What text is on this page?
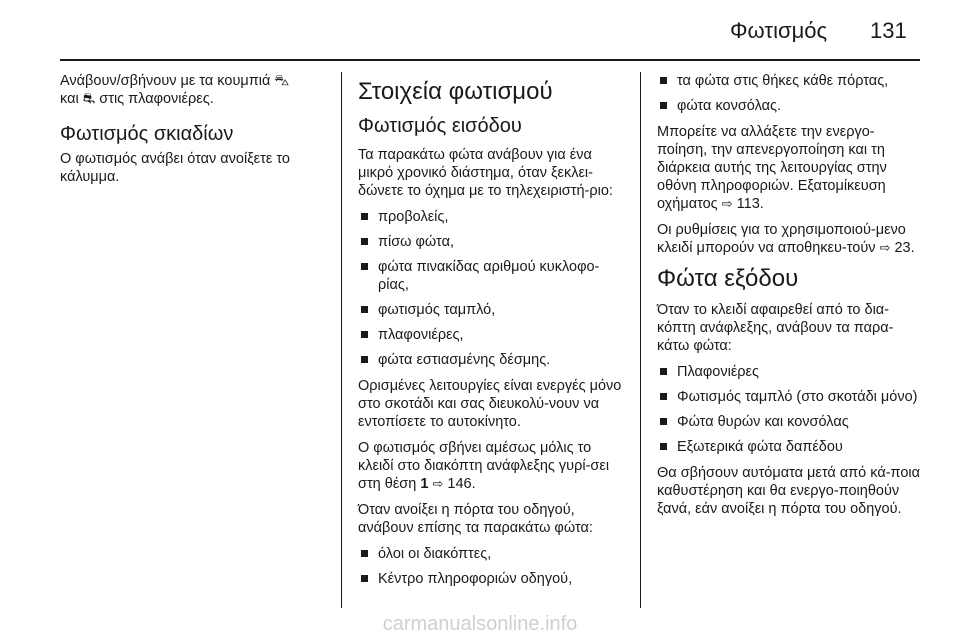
Φωτισμός 131

Ανάβουν/σβήνουν με τα κουμπιά ⛍
και ⛐ στις πλαφονιέρες.

Φωτισμός σκιαδίων

Ο φωτισμός ανάβει όταν ανοίξετε το κάλυμμα.

Στοιχεία φωτισμού
Φωτισμός εισόδου

Τα παρακάτω φώτα ανάβουν για ένα μικρό χρονικό διάστημα, όταν ξεκλει-δώνετε το όχημα με το τηλεχειριστή-ριο:

προβολείς,
πίσω φώτα,
φώτα πινακίδας αριθμού κυκλοφο-ρίας,
φωτισμός ταμπλό,
πλαφονιέρες,
φώτα εστιασμένης δέσμης.

Ορισμένες λειτουργίες είναι ενεργές μόνο στο σκοτάδι και σας διευκολύ-νουν να εντοπίσετε το αυτοκίνητο.

Ο φωτισμός σβήνει αμέσως μόλις το κλειδί στο διακόπτη ανάφλεξης γυρί-σει στη θέση 1 ⇨ 146.

Όταν ανοίξει η πόρτα του οδηγού, ανάβουν επίσης τα παρακάτω φώτα:

όλοι οι διακόπτες,
Κέντρο πληροφοριών οδηγού,
τα φώτα στις θήκες κάθε πόρτας,
φώτα κονσόλας.

Μπορείτε να αλλάξετε την ενεργο-ποίηση, την απενεργοποίηση και τη διάρκεια αυτής της λειτουργίας στην οθόνη πληροφοριών. Εξατομίκευση οχήματος ⇨ 113.

Οι ρυθμίσεις για το χρησιμοποιού-μενο κλειδί μπορούν να αποθηκευ-τούν ⇨ 23.

Φώτα εξόδου

Όταν το κλειδί αφαιρεθεί από το δια-κόπτη ανάφλεξης, ανάβουν τα παρα-κάτω φώτα:

Πλαφονιέρες
Φωτισμός ταμπλό (στο σκοτάδι μόνο)
Φώτα θυρών και κονσόλας
Εξωτερικά φώτα δαπέδου

Θα σβήσουν αυτόματα μετά από κά-ποια καθυστέρηση και θα ενεργο-ποιηθούν ξανά, εάν ανοίξει η πόρτα του οδηγού.

carmanualsonline.info
